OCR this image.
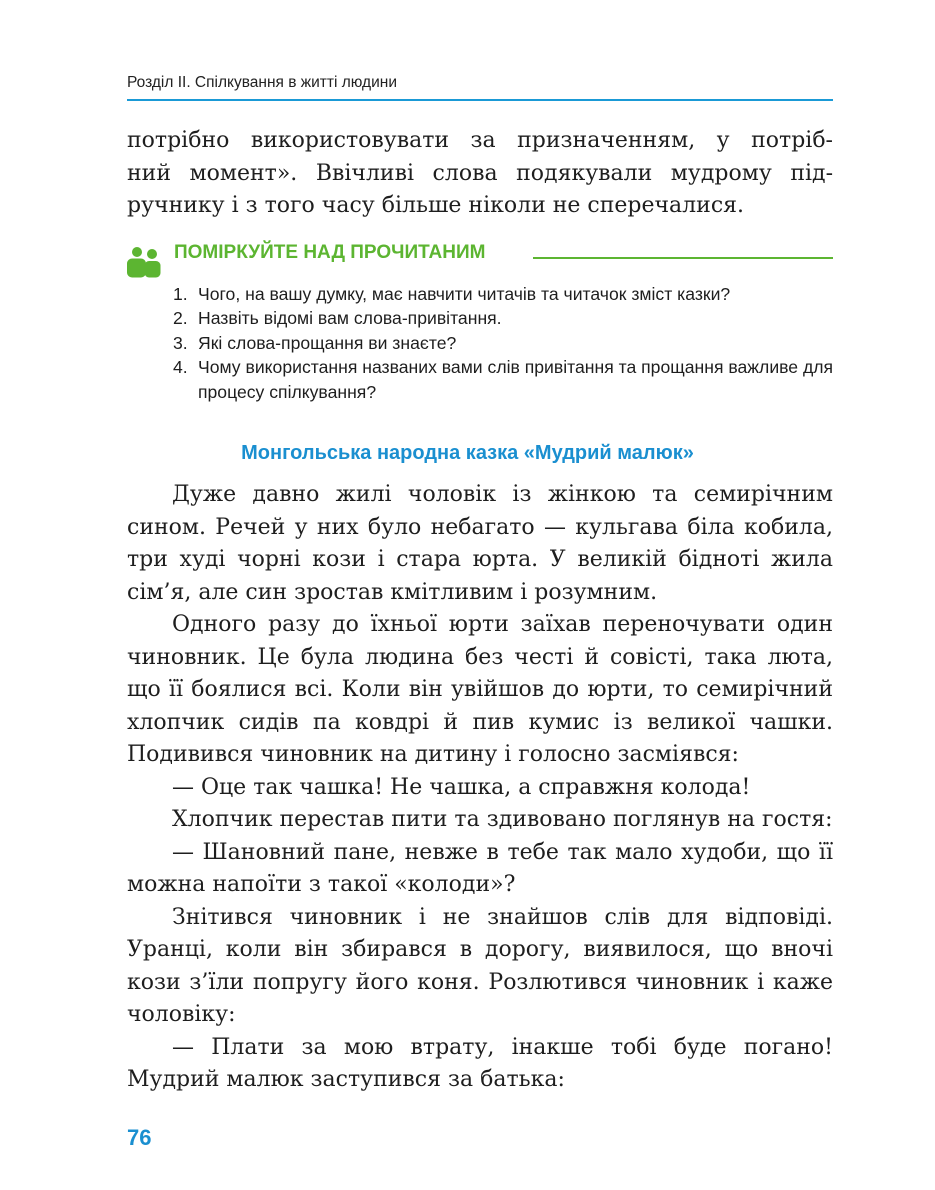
Розділ ІІ. Спілкування в житті людини

потрібно використовувати за призначенням, у потріб-

ний момент». Ввічливі слова подякували мудрому під-

ручнику і з того часу більше ніколи не сперечалися.

ПОМІРКУЙТЕ НАД ПРОЧИТАНИМ
1. Чого, на вашу думку, має навчити читачів та читачок зміст казки?
2. Назвіть відомі вам слова-привітання.
3. Які слова-прощання ви знаєте?
4. Чому використання названих вами слів привітання та прощання важливе для процесу спілкування?
Монгольська народна казка «Мудрий малюк»

Дуже давно жилі чоловік із жінкою та семирічним сином. Речей у них було небагато — кульгава біла кобила, три худі чорні кози і стара юрта. У великій бідноті жила сім’я, але син зростав кмітливим і розумним.

Одного разу до їхньої юрти заїхав переночувати один чиновник. Це була людина без честі й совісті, така люта, що її боялися всі. Коли він увійшов до юрти, то семирічний хлопчик сидів па ковдрі й пив кумис із великої чашки. Подивився чиновник на дитину і голосно засміявся:

— Оце так чашка! Не чашка, а справжня колода!

Хлопчик перестав пити та здивовано поглянув на гостя:

— Шановний пане, невже в тебе так мало худоби, що її можна напоїти з такої «колоди»?

Знітився чиновник і не знайшов слів для відповіді. Уранці, коли він збирався в дорогу, виявилося, що вночі кози з’їли попругу його коня. Розлютився чиновник і каже чоловіку:

— Плати за мою втрату, інакше тобі буде погано! Мудрий малюк заступився за батька:

76
